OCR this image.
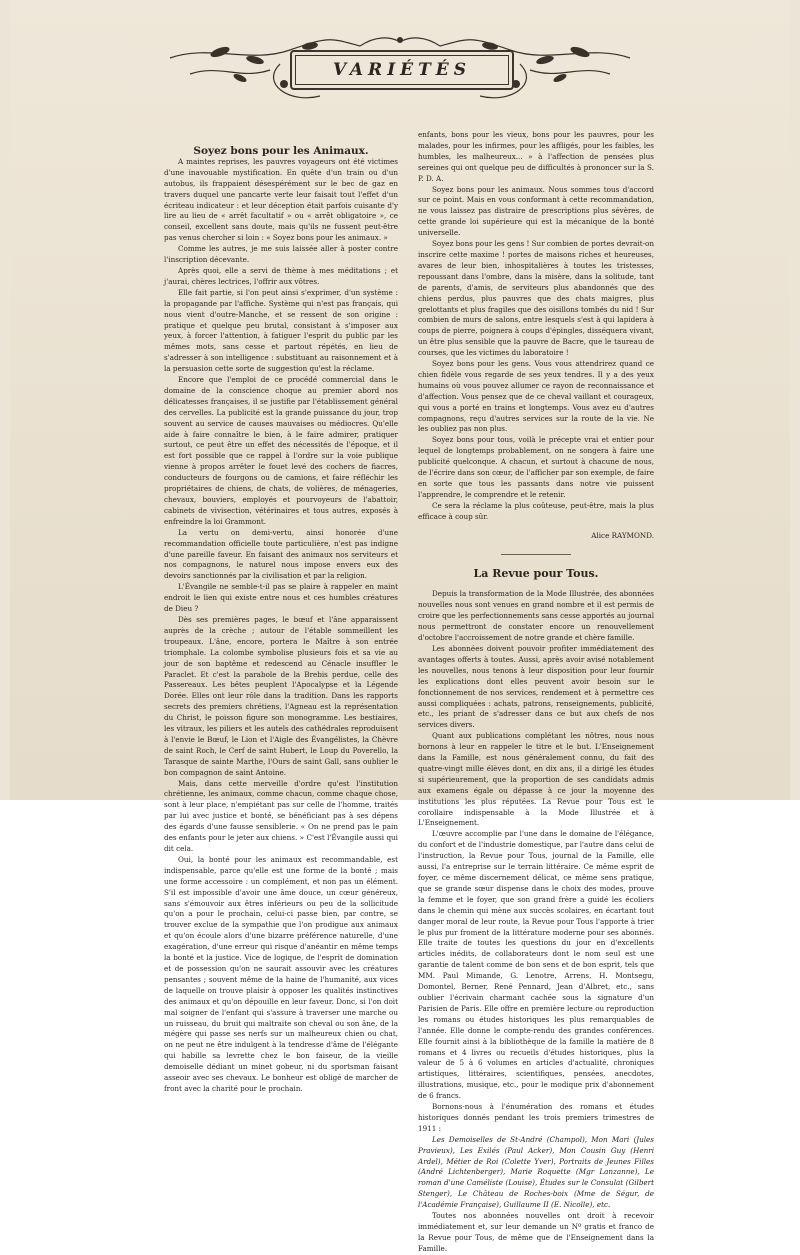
VARIÉTÉS

Soyez bons pour les Animaux.

A maintes reprises, les pauvres voyageurs ont été victimes d'une inavouable mystification. En quête d'un train ou d'un autobus, ils frappaient désespérément sur le bec de gaz en travers duquel une pancarte verte leur faisait tout l'effet d'un écriteau indicateur : et leur déception était parfois cuisante d'y lire au lieu de « arrêt facultatif » ou « arrêt obligatoire », ce conseil, excellent sans doute, mais qu'ils ne fussent peut-être pas venus chercher si loin : « Soyez bons pour les animaux. »

Comme les autres, je me suis laissée aller à poster contre l'inscription décevante.

Après quoi, elle a servi de thème à mes méditations ; et j'aurai, chères lectrices, l'offrir aux vôtres.

Elle fait partie, si l'on peut ainsi s'exprimer, d'un système : la propagande par l'affiche. Système qui n'est pas français, qui nous vient d'outre-Manche, et se ressent de son origine : pratique et quelque peu brutal, consistant à s'imposer aux yeux, à forcer l'attention, à fatiguer l'esprit du public par les mêmes mots, sans cesse et partout répétés, en lieu de s'adresser à son intelligence : substituant au raisonnement et à la persuasion cette sorte de suggestion qu'est la réclame.

Encore que l'emploi de ce procédé commercial dans le domaine de la conscience choque au premier abord nos délicatesses françaises, il se justifie par l'établissement général des cervelles. La publicité est la grande puissance du jour, trop souvent au service de causes mauvaises ou médiocres. Qu'elle aide à faire connaître le bien, à le faire admirer, pratiquer surtout, ce peut être un effet des nécessités de l'époque, et il est fort possible que ce rappel à l'ordre sur la voie publique vienne à propos arrêter le fouet levé des cochers de fiacres, conducteurs de fourgons ou de camions, et faire réfléchir les propriétaires de chiens, de chats, de volières, de ménageries, chevaux, bouviers, employés et pourvoyeurs de l'abattoir, cabinets de vivisection, vétérinaires et tous autres, exposés à enfreindre la loi Grammont.

La vertu on demi-vertu, ainsi honorée d'une recommandation officielle toute particulière, n'est pas indigne d'une pareille faveur. En faisant des animaux nos serviteurs et nos compagnons, le naturel nous impose envers eux des devoirs sanctionnés par la civilisation et par la religion.

L'Évangile ne semble-t-il pas se plaire à rappeler en maint endroit le lien qui existe entre nous et ces humbles créatures de Dieu ?

Dès ses premières pages, le bœuf et l'âne apparaissent auprès de la crèche ; autour de l'étable sommeillent les troupeaux. L'âne, encore, portera le Maître à son entrée triomphale. La colombe symbolise plusieurs fois et sa vie au jour de son baptême et redescend au Cénacle insuffler le Paraclet. Et c'est la parabole de la Brebis perdue, celle des Passereaux. Les bêtes peuplent l'Apocalypse et la Légende Dorée. Elles ont leur rôle dans la tradition. Dans les rapports secrets des premiers chrétiens, l'Agneau est la représentation du Christ, le poisson figure son monogramme. Les bestiaires, les vitraux, les piliers et les autels des cathédrales reproduisent à l'envie le Bœuf, le Lion et l'Aigle des Évangélistes, la Chèvre de saint Roch, le Cerf de saint Hubert, le Loup du Poverello, la Tarasque de sainte Marthe, l'Ours de saint Gall, sans oublier le bon compagnon de saint Antoine.

Mais, dans cette merveille d'ordre qu'est l'institution chrétienne, les animaux, comme chacun, comme chaque chose, sont à leur place, n'empiétant pas sur celle de l'homme, traités par lui avec justice et bonté, se bénéficiant pas à ses dépens des égards d'une fausse sensiblerie. « On ne prend pas le pain des enfants pour le jeter aux chiens. » C'est l'Évangile aussi qui dit cela.

Oui, la bonté pour les animaux est recommandable, est indispensable, parce qu'elle est une forme de la bonté ; mais une forme accessoire : un complément, et non pas un élément. S'il est impossible d'avoir une âme douce, un cœur généreux, sans s'émouvoir aux êtres inférieurs ou peu de la sollicitude qu'on a pour le prochain, celui-ci passe bien, par contre, se trouver exclue de la sympathie que l'on prodigue aux animaux et qu'on écoule alors d'une bizarre préférence naturelle, d'une exagération, d'une erreur qui risque d'anéantir en même temps la bonté et la justice. Vice de logique, de l'esprit de domination et de possession qu'on ne saurait assouvir avec les créatures pensantes ; souvent même de la haine de l'humanité, aux vices de laquelle on trouve plaisir à opposer les qualités instinctives des animaux et qu'on dépouille en leur faveur. Donc, si l'on doit mal soigner de l'enfant qui s'assure à traverser une marche ou un ruisseau, du bruit qui maltraite son cheval ou son âne, de la mégère qui passe ses nerfs sur un malheureux chien ou chat, on ne peut ne être indulgent à la tendresse d'âme de l'élégante qui habille sa levrette chez le bon faiseur, de la vieille demoiselle dédiant un minet gobeur, ni du sportsman faisant asseoir avec ses chevaux. Le bonheur est obligé de marcher de front avec la charité pour le prochain.

enfants, bons pour les vieux, bons pour les pauvres, pour les malades, pour les infirmes, pour les affligés, pour les faibles, les humbles, les malheureux... » à l'affection de pensées plus sereines qui ont quelque peu de difficultés à prononcer sur la S. P. D. A.

Soyez bons pour les animaux. Nous sommes tous d'accord sur ce point. Mais en vous conformant à cette recommandation, ne vous laissez pas distraire de prescriptions plus sévères, de cette grande loi supérieure qui est la mécanique de la bonté universelle.

Soyez bons pour les gens ! Sur combien de portes devrait-on inscrire cette maxime ! portes de maisons riches et heureuses, avares de leur bien, inhospitalières à toutes les tristesses, repoussant dans l'ombre, dans la misère, dans la solitude, tant de parents, d'amis, de serviteurs plus abandonnés que des chiens perdus, plus pauvres que des chats maigres, plus grelottants et plus fragiles que des oisillons tombés du nid ! Sur combien de murs de salons, entre lesquels s'est à qui lapidera à coups de pierre, poignera à coups d'épingles, disséquera vivant, un être plus sensible que la pauvre de Bacre, que le taureau de courses, que les victimes du laboratoire !

Soyez bons pour les gens. Vous vous attendrirez quand ce chien fidèle vous regarde de ses yeux tendres. Il y a des yeux humains où vous pouvez allumer ce rayon de reconnaissance et d'affection. Vous pensez que de ce cheval vaillant et courageux, qui vous a porté en trains et longtemps. Vous avez eu d'autres compagnons, reçu d'autres services sur la route de la vie. Ne les oubliez pas non plus.

Soyez bons pour tous, voilà le précepte vrai et entier pour lequel de longtemps probablement, on ne songera à faire une publicité quelconque. A chacun, et surtout à chacune de nous, de l'écrire dans son cœur, de l'afficher par son exemple, de faire en sorte que tous les passants dans notre vie puissent l'apprendre, le comprendre et le retenir.

Ce sera la réclame la plus coûteuse, peut-être, mais la plus efficace à coup sûr.

Alice RAYMOND.

La Revue pour Tous.

Depuis la transformation de la Mode Illustrée, des abonnées nouvelles nous sont venues en grand nombre et il est permis de croire que les perfectionnements sans cesse apportés au journal nous permettront de constater encore un renouvellement d'octobre l'accroissement de notre grande et chère famille.

Les abonnées doivent pouvoir profiter immédiatement des avantages offerts à toutes. Aussi, après avoir avisé notablement les nouvelles, nous tenons à leur disposition pour leur fournir les explications dont elles peuvent avoir besoin sur le fonctionnement de nos services, rendement et à permettre ces aussi compliquées : achats, patrons, renseignements, publicité, etc., les priant de s'adresser dans ce but aux chefs de nos services divers.

Quant aux publications complétant les nôtres, nous nous bornons à leur en rappeler le titre et le but. L'Enseignement dans la Famille, est nous généralement connu, du fait des quatre-vingt mille élèves dont, en dix ans, il a dirigé les études si supérieurement, que la proportion de ses candidats admis aux examens égale ou dépasse à ce jour la moyenne des institutions les plus réputées. La Revue pour Tous est le corollaire indispensable à la Mode Illustrée et à L'Enseignement.

L'œuvre accomplie par l'une dans le domaine de l'élégance, du confort et de l'industrie domestique, par l'autre dans celui de l'instruction, la Revue pour Tous, journal de la Famille, elle aussi, l'a entreprise sur le terrain littéraire. Ce même esprit de foyer, ce même discernement délicat, ce même sens pratique, que se grande sœur dispense dans le choix des modes, prouve la femme et le foyer, que son grand frère a guidé les écoliers dans le chemin qui mène aux succès scolaires, en écartant tout danger moral de leur route, la Revue pour Tous l'apporte à trier le plus pur froment de la littérature moderne pour ses abonnés. Elle traite de toutes les questions du jour en d'excellents articles inédits, de collaborateurs dont le nom seul est une garantie de talent comme de bon sens et de bon esprit, tels que MM. Paul Mimande, G. Lenotre, Arrens, H. Montsegu, Domontel, Berner, René Pennard, Jean d'Albret, etc., sans oublier l'écrivain charmant cachée sous la signature d'un Parisien de Paris. Elle offre en première lecture ou reproduction les romans ou études historiques les plus remarquables de l'année. Elle donne le compte-rendu des grandes conférences. Elle fournit ainsi à la bibliothèque de la famille la matière de 8 romans et 4 livres ou recueils d'études historiques, plus la valeur de 5 à 6 volumes en articles d'actualité, chroniques artistiques, littéraires, scientifiques, pensées, anecdotes, illustrations, musique, etc., pour le modique prix d'abonnement de 6 francs.

Bornons-nous à l'énumération des romans et études historiques donnés pendant les trois premiers trimestres de 1911 :

Les Demoiselles de St-André (Champol), Mon Mari (Jules Pravieux), Les Exilés (Paul Acker), Mon Cousin Guy (Henri Ardel), Métier de Roi (Colette Yver), Portraits de Jeunes Filles (André Lichtenberger), Marie Roquette (Mgr Lanzanne), Le roman d'une Caméliste (Louise), Études sur le Consulat (Gilbert Stenger), Le Château de Roches-boix (Mme de Ségur, de l'Académie Française), Guillaume II (E. Nicolle), etc.

Toutes nos abonnées nouvelles ont droit à recevoir immédiatement et, sur leur demande un Nº gratis et franco de la Revue pour Tous, de même que de l'Enseignement dans la Famille.
